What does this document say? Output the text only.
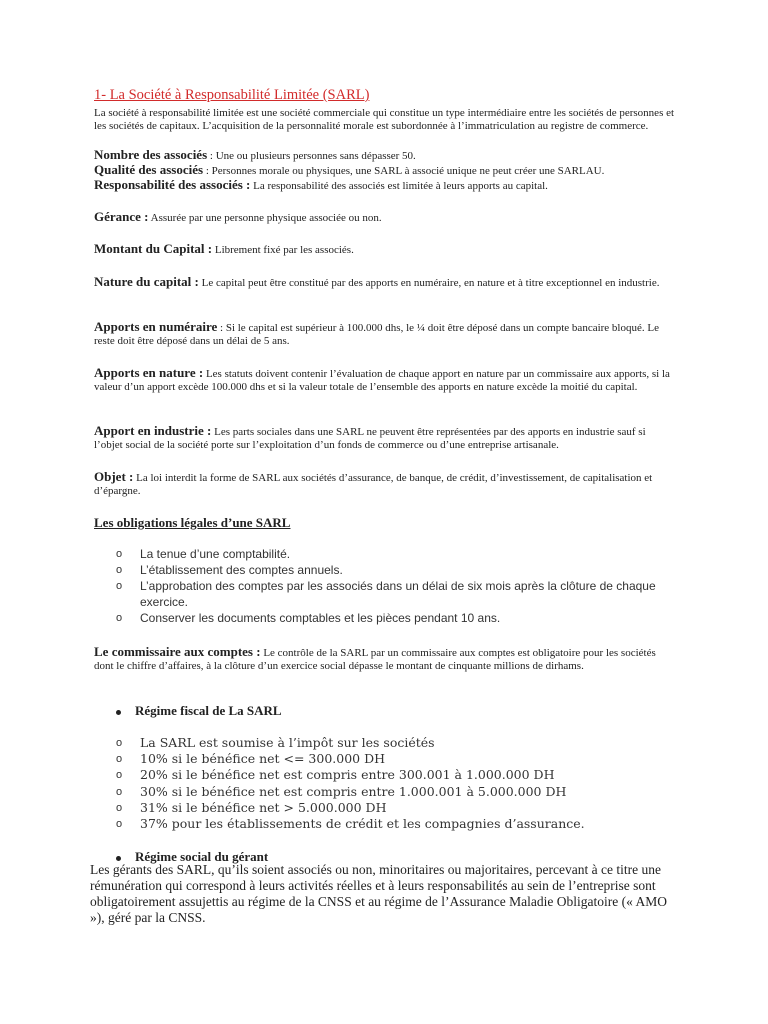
1- La Société à Responsabilité Limitée (SARL)

La société à responsabilité limitée est une société commerciale qui constitue un type intermédiaire entre les sociétés de personnes et les sociétés de capitaux. L’acquisition de la personnalité morale est subordonnée à l’immatriculation au registre de commerce.

Nombre des associés : Une ou plusieurs personnes sans dépasser 50.

Qualité des associés : Personnes morale ou physiques, une SARL à associé unique ne peut créer une SARLAU.

Responsabilité des associés : La responsabilité des associés est limitée à leurs apports au capital.

Gérance : Assurée par une personne physique associée ou non.

Montant du Capital : Librement fixé par les associés.

Nature du capital : Le capital peut être constitué par des apports en numéraire, en nature et à titre exceptionnel en industrie.

Apports en numéraire : Si le capital est supérieur à 100.000 dhs, le ¼ doit être déposé dans un compte bancaire bloqué. Le reste doit être déposé dans un délai de 5 ans.

Apports en nature : Les statuts doivent contenir l’évaluation de chaque apport en nature par un commissaire aux apports, si la valeur d’un apport excède 100.000 dhs et si la valeur totale de l’ensemble des apports en nature excède la moitié du capital.

Apport en industrie : Les parts sociales dans une SARL ne peuvent être représentées par des apports en industrie sauf si l’objet social de la société porte sur l’exploitation d’un fonds de commerce ou d’une entreprise artisanale.

Objet : La loi interdit la forme de SARL aux sociétés d’assurance, de banque, de crédit, d’investissement, de capitalisation et d’épargne.

Les obligations légales d’une SARL

o La tenue d’une comptabilité.
o L’établissement des comptes annuels.
o L’approbation des comptes par les associés dans un délai de six mois après la clôture de chaque exercice.
o Conserver les documents comptables et les pièces pendant 10 ans.

Le commissaire aux comptes : Le contrôle de la SARL par un commissaire aux comptes est obligatoire pour les sociétés dont le chiffre d’affaires, à la clôture d’un exercice social dépasse le montant de cinquante millions de dirhams.

Régime fiscal de La SARL

o La SARL est soumise à l’impôt sur les sociétés
o 10% si le bénéfice net <= 300.000 DH
o 20% si le bénéfice net est compris entre 300.001 à 1.000.000 DH
o 30% si le bénéfice net est compris entre 1.000.001 à 5.000.000 DH
o 31% si le bénéfice net > 5.000.000 DH
o 37% pour les établissements de crédit et les compagnies d’assurance.

Régime social du gérant

Les gérants des SARL, qu’ils soient associés ou non, minoritaires ou majoritaires, percevant à ce titre une rémunération qui correspond à leurs activités réelles et à leurs responsabilités au sein de l’entreprise sont obligatoirement assujettis au régime de la CNSS et au régime de l’Assurance Maladie Obligatoire (« AMO »), géré par la CNSS.
